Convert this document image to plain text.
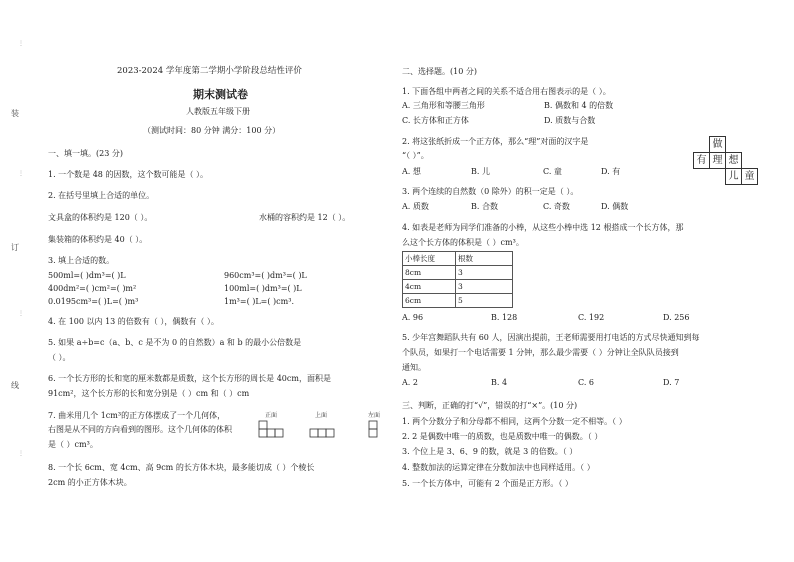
装
订
线
⋮
⋮
⋮
⋮
2023-2024 学年度第二学期小学阶段总结性评价
期末测试卷
人教版五年级下册
（测试时间：80 分钟 满分：100 分）
一、填一填。(23 分)
1. 一个数是 48 的因数，这个数可能是（ ）。
2. 在括号里填上合适的单位。
文具盒的体积约是 120（ ）。	水桶的容积约是 12（ ）。
集装箱的体积约是 40（ ）。
3. 填上合适的数。
500ml=( )dm³=( )L	960cm³=( )dm³=( )L
400dm²=( )cm²=( )m²	100ml=( )dm³=( )L
0.0195cm³=( )L=( )m³	1m³=( )L=( )cm³.
4. 在 100 以内 13 的倍数有（ ），偶数有（ ）。
5. 如果 a÷b=c（a、b、c 是不为 0 的自然数）a 和 b 的最小公倍数是
（ ）。
6. 一个长方形的长和宽的厘米数都是质数，这个长方形的周长是 40cm，面积是
91cm²，这个长方形的长和宽分别是（ ）cm 和（ ）cm
7. 曲米用几个 1cm³的正方体摆成了一个几何体，
右图是从不同的方向看到的图形。这个几何体的体积
是（ ）cm³。
正面	上面	左面
8. 一个长 6cm、宽 4cm、高 9cm 的长方体木块，最多能切成（ ）个棱长
2cm 的小正方体木块。
二、选择题。(10 分)
1. 下面各组中两者之间的关系不适合用右图表示的是（ ）。
A. 三角形和等腰三角形	B. 偶数和 4 的倍数
C. 长方体和正方体	D. 质数与合数
2. 将这张纸折成一个正方体，那么“理”对面的汉字是
“（ ）”。
A. 想	B. 儿	C. 童	D. 有
做
有 理 想
儿 童
3. 两个连续的自然数（0 除外）的积一定是（ ）。
A. 质数	B. 合数	C. 奇数	D. 偶数
4. 如表是老师为同学们准备的小棒，从这些小棒中选 12 根搭成一个长方体，那
么这个长方体的体积是（ ）cm³。
小棒长度	根数
8cm	3
4cm	3
6cm	5
A. 96	B. 128	C. 192	D. 256
5. 少年宫舞蹈队共有 60 人，因演出提前，王老师需要用打电话的方式尽快通知到每
个队员，如果打一个电话需要 1 分钟，那么最少需要（ ）分钟让全队队员接到
通知。
A. 2	B. 4	C. 6	D. 7
三、判断，正确的打“√”，错误的打“×”。(10 分)
1. 两个分数分子和分母都不相同，这两个分数一定不相等。（ ）
2. 2 是偶数中唯一的质数，也是质数中唯一的偶数。（ ）
3. 个位上是 3、6、9 的数，就是 3 的倍数。（ ）
4. 整数加法的运算定律在分数加法中也同样适用。（ ）
5. 一个长方体中，可能有 2 个面是正方形。（ ）
